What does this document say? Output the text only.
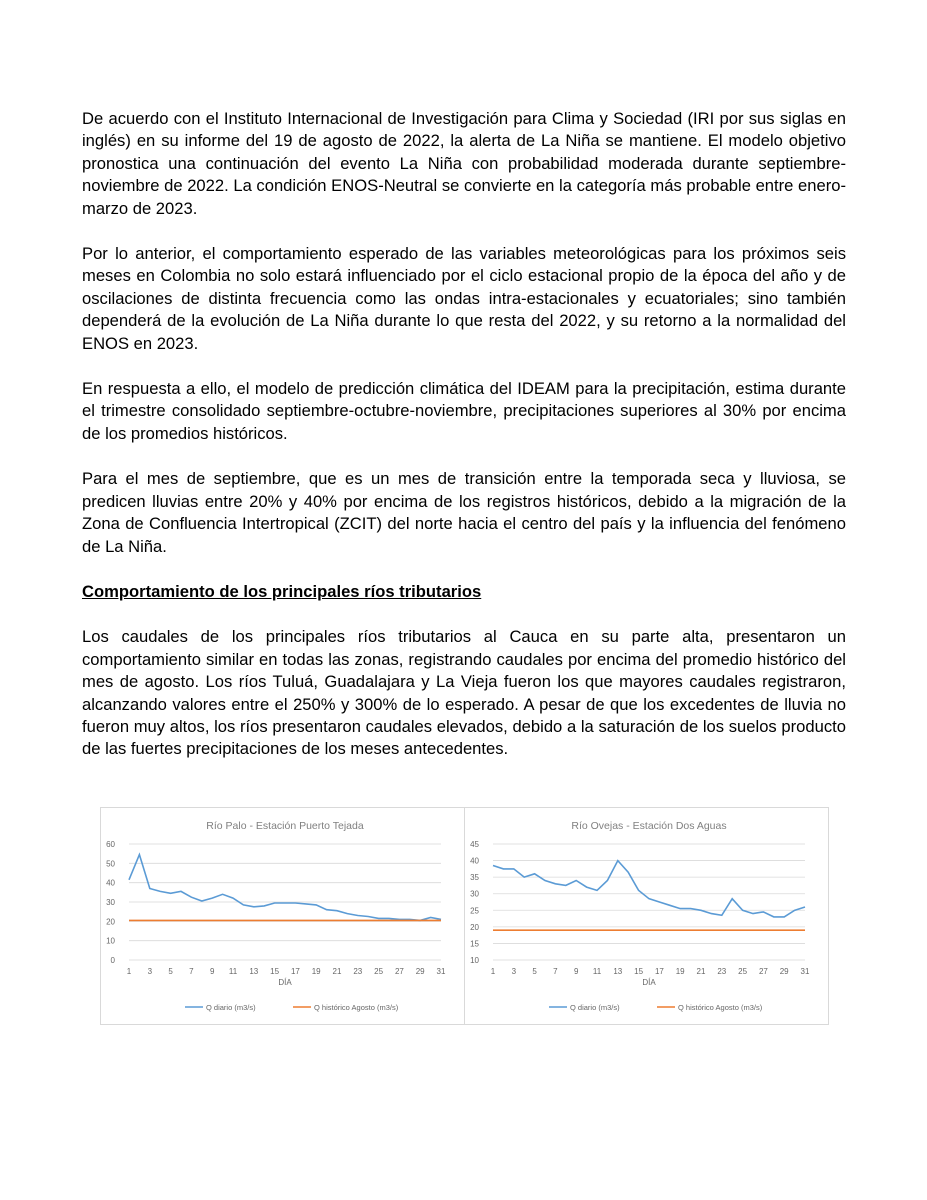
De acuerdo con el Instituto Internacional de Investigación para Clima y Sociedad (IRI por sus siglas en inglés) en su informe del 19 de agosto de 2022, la alerta de La Niña se mantiene. El modelo objetivo pronostica una continuación del evento La Niña con probabilidad moderada durante septiembre-noviembre de 2022. La condición ENOS-Neutral se convierte en la categoría más probable entre enero-marzo de 2023.

Por lo anterior, el comportamiento esperado de las variables meteorológicas para los próximos seis meses en Colombia no solo estará influenciado por el ciclo estacional propio de la época del año y de oscilaciones de distinta frecuencia como las ondas intra-estacionales y ecuatoriales; sino también dependerá de la evolución de La Niña durante lo que resta del 2022, y su retorno a la normalidad del ENOS en 2023.

En respuesta a ello, el modelo de predicción climática del IDEAM para la precipitación, estima durante el trimestre consolidado septiembre-octubre-noviembre, precipitaciones superiores al 30% por encima de los promedios históricos.

Para el mes de septiembre, que es un mes de transición entre la temporada seca y lluviosa, se predicen lluvias entre 20% y 40% por encima de los registros históricos, debido a la migración de la Zona de Confluencia Intertropical (ZCIT) del norte hacia el centro del país y la influencia del fenómeno de La Niña.

Comportamiento de los principales ríos tributarios

Los caudales de los principales ríos tributarios al Cauca en su parte alta, presentaron un comportamiento similar en todas las zonas, registrando caudales por encima del promedio histórico del mes de agosto. Los ríos Tuluá, Guadalajara y La Vieja fueron los que mayores caudales registraron, alcanzando valores entre el 250% y 300% de lo esperado. A pesar de que los excedentes de lluvia no fueron muy altos, los ríos presentaron caudales elevados, debido a la saturación de los suelos producto de las fuertes precipitaciones de los meses antecedentes.

Río Palo - Estación Puerto Tejada
0
10
20
30
40
50
60
1 3 5 7 9 11 13 15 17 19 21 23 25 27 29 31
DÍA
Q diario (m3/s)	Q histórico Agosto (m3/s)
Río Ovejas - Estación Dos Aguas
10
15
20
25
30
35
40
45
1 3 5 7 9 11 13 15 17 19 21 23 25 27 29 31
DÍA
Q diario (m3/s)	Q histórico Agosto (m3/s)
